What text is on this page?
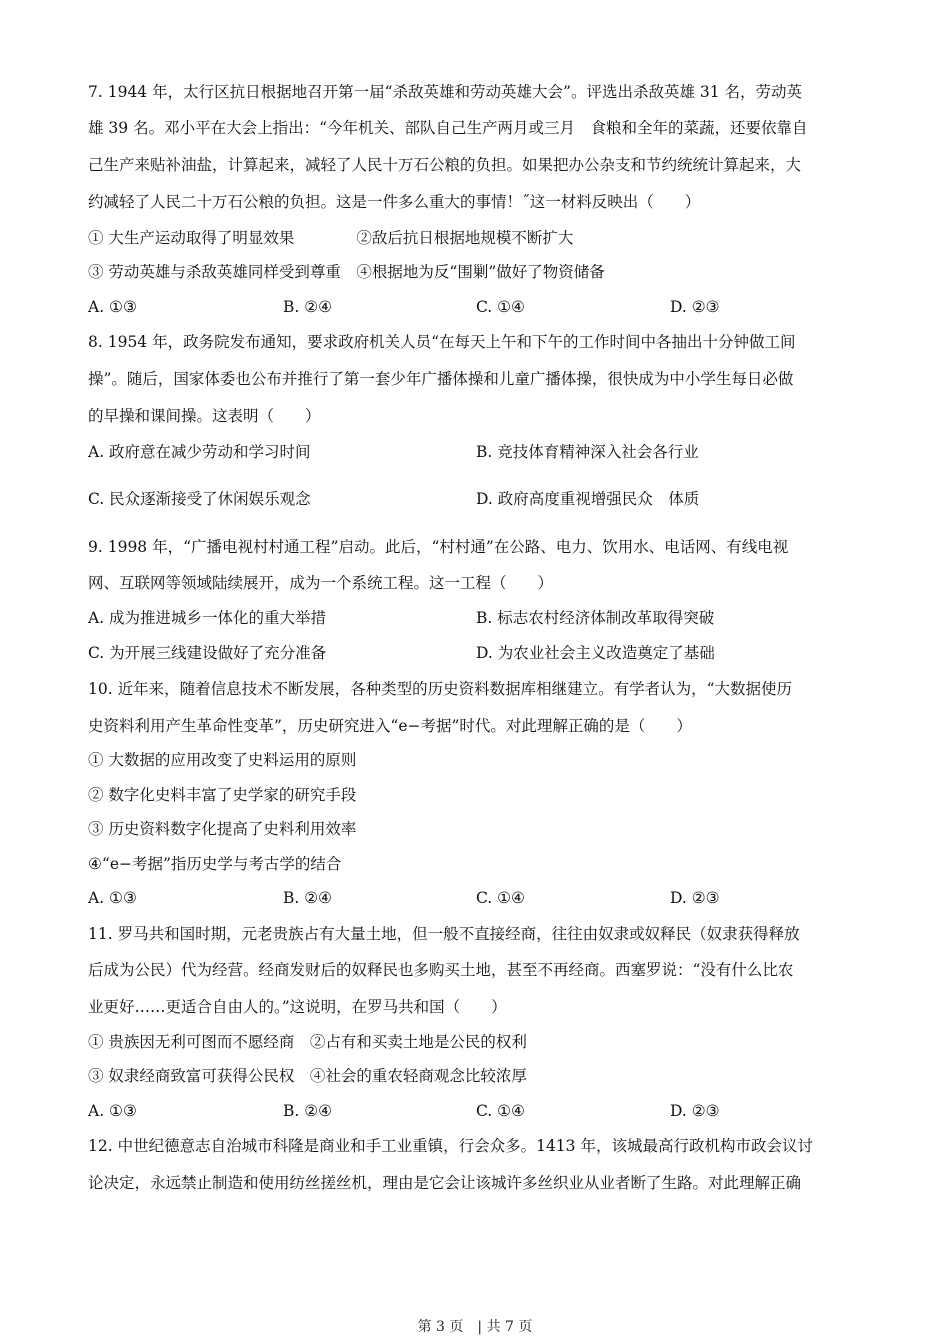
7. 1944 年，太行区抗日根据地召开第一届“杀敌英雄和劳动英雄大会”。评选出杀敌英雄 31 名，劳动英
雄 39 名。邓小平在大会上指出：“今年机关、部队自己生产两月或三月　食粮和全年的菜蔬，还要依靠自
己生产来贴补油盐，计算起来，减轻了人民十万石公粮的负担。如果把办公杂支和节约统统计算起来，大
约减轻了人民二十万石公粮的负担。这是一件多么重大的事情！˝这一材料反映出（　　）
① 大生产运动取得了明显效果　　　　②敌后抗日根据地规模不断扩大
③ 劳动英雄与杀敌英雄同样受到尊重　④根据地为反“围剿”做好了物资储备
A. ①③	B. ②④	C. ①④	D. ②③
8. 1954 年，政务院发布通知，要求政府机关人员“在每天上午和下午的工作时间中各抽出十分钟做工间
操”。随后，国家体委也公布并推行了第一套少年广播体操和儿童广播体操，很快成为中小学生每日必做
的早操和课间操。这表明（　　）
A. 政府意在减少劳动和学习时间	B. 竞技体育精神深入社会各行业
C. 民众逐渐接受了休闲娱乐观念	D. 政府高度重视增强民众　体质
9. 1998 年，“广播电视村村通工程”启动。此后，“村村通”在公路、电力、饮用水、电话网、有线电视
网、互联网等领域陆续展开，成为一个系统工程。这一工程（　　）
A. 成为推进城乡一体化的重大举措	B. 标志农村经济体制改革取得突破
C. 为开展三线建设做好了充分准备	D. 为农业社会主义改造奠定了基础
10. 近年来，随着信息技术不断发展，各种类型的历史资料数据库相继建立。有学者认为，“大数据使历
史资料利用产生革命性变革”，历史研究进入“e−考据”时代。对此理解正确的是（　　）
① 大数据的应用改变了史料运用的原则
② 数字化史料丰富了史学家的研究手段
③ 历史资料数字化提高了史料利用效率
④“e−考据”指历史学与考古学的结合
A. ①③	B. ②④	C. ①④	D. ②③
11. 罗马共和国时期，元老贵族占有大量土地，但一般不直接经商，往往由奴隶或奴释民（奴隶获得释放
后成为公民）代为经营。经商发财后的奴释民也多购买土地，甚至不再经商。西塞罗说：“没有什么比农
业更好……更适合自由人的。”这说明，在罗马共和国（　　）
① 贵族因无利可图而不愿经商　②占有和买卖土地是公民的权利
③ 奴隶经商致富可获得公民权　④社会的重农轻商观念比较浓厚
A. ①③	B. ②④	C. ①④	D. ②③
12. 中世纪德意志自治城市科隆是商业和手工业重镇，行会众多。1413 年，该城最高行政机构市政会议讨
论决定，永远禁止制造和使用纺丝搓丝机，理由是它会让该城许多丝织业从业者断了生路。对此理解正确
第 3 页　| 共 7 页
